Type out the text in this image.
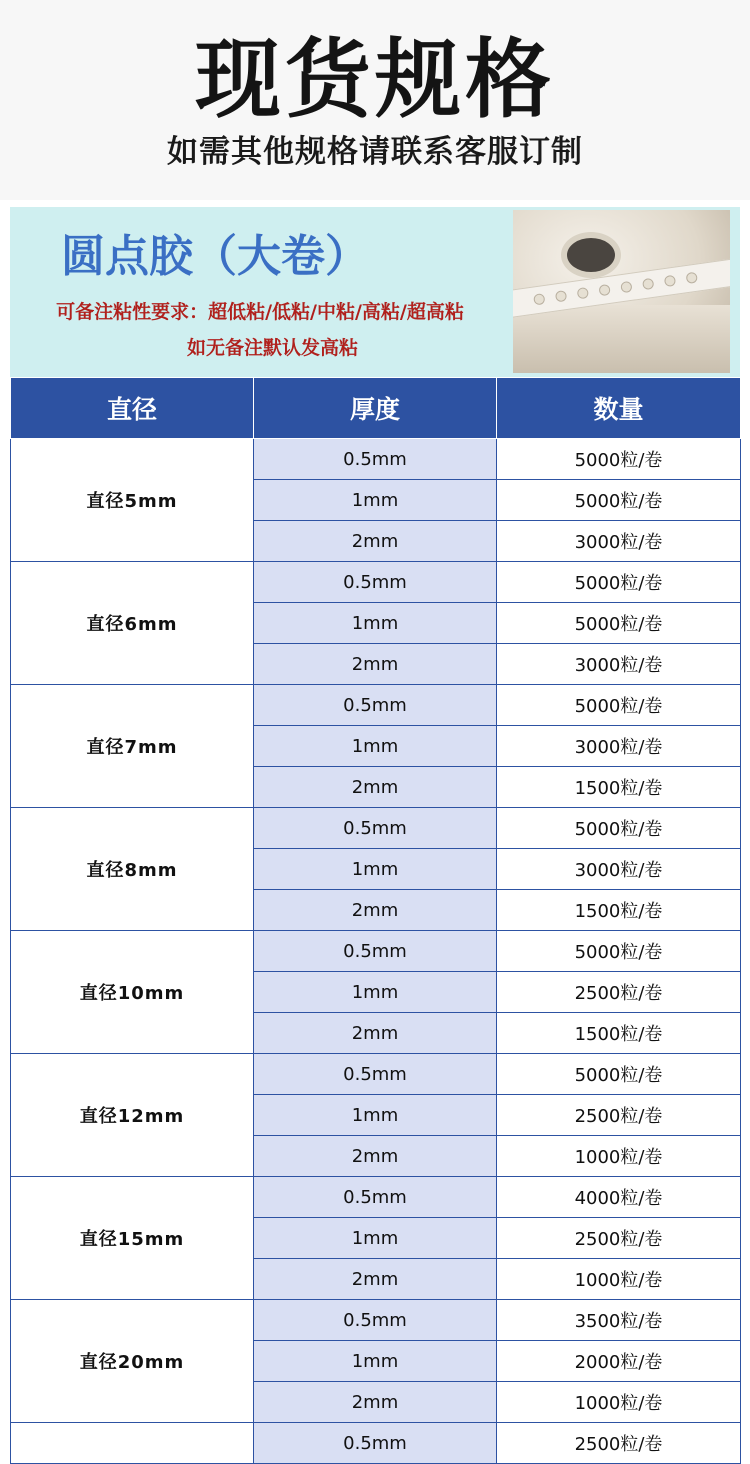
现货规格
如需其他规格请联系客服订制
圆点胶（大卷）
可备注粘性要求：超低粘/低粘/中粘/高粘/超高粘
如无备注默认发高粘
直径	厚度	数量
直径5mm	0.5mm	5000粒/卷
	1mm	5000粒/卷
	2mm	3000粒/卷
直径6mm	0.5mm	5000粒/卷
	1mm	5000粒/卷
	2mm	3000粒/卷
直径7mm	0.5mm	5000粒/卷
	1mm	3000粒/卷
	2mm	1500粒/卷
直径8mm	0.5mm	5000粒/卷
	1mm	3000粒/卷
	2mm	1500粒/卷
直径10mm	0.5mm	5000粒/卷
	1mm	2500粒/卷
	2mm	1500粒/卷
直径12mm	0.5mm	5000粒/卷
	1mm	2500粒/卷
	2mm	1000粒/卷
直径15mm	0.5mm	4000粒/卷
	1mm	2500粒/卷
	2mm	1000粒/卷
直径20mm	0.5mm	3500粒/卷
	1mm	2000粒/卷
	2mm	1000粒/卷
	0.5mm	2500粒/卷
